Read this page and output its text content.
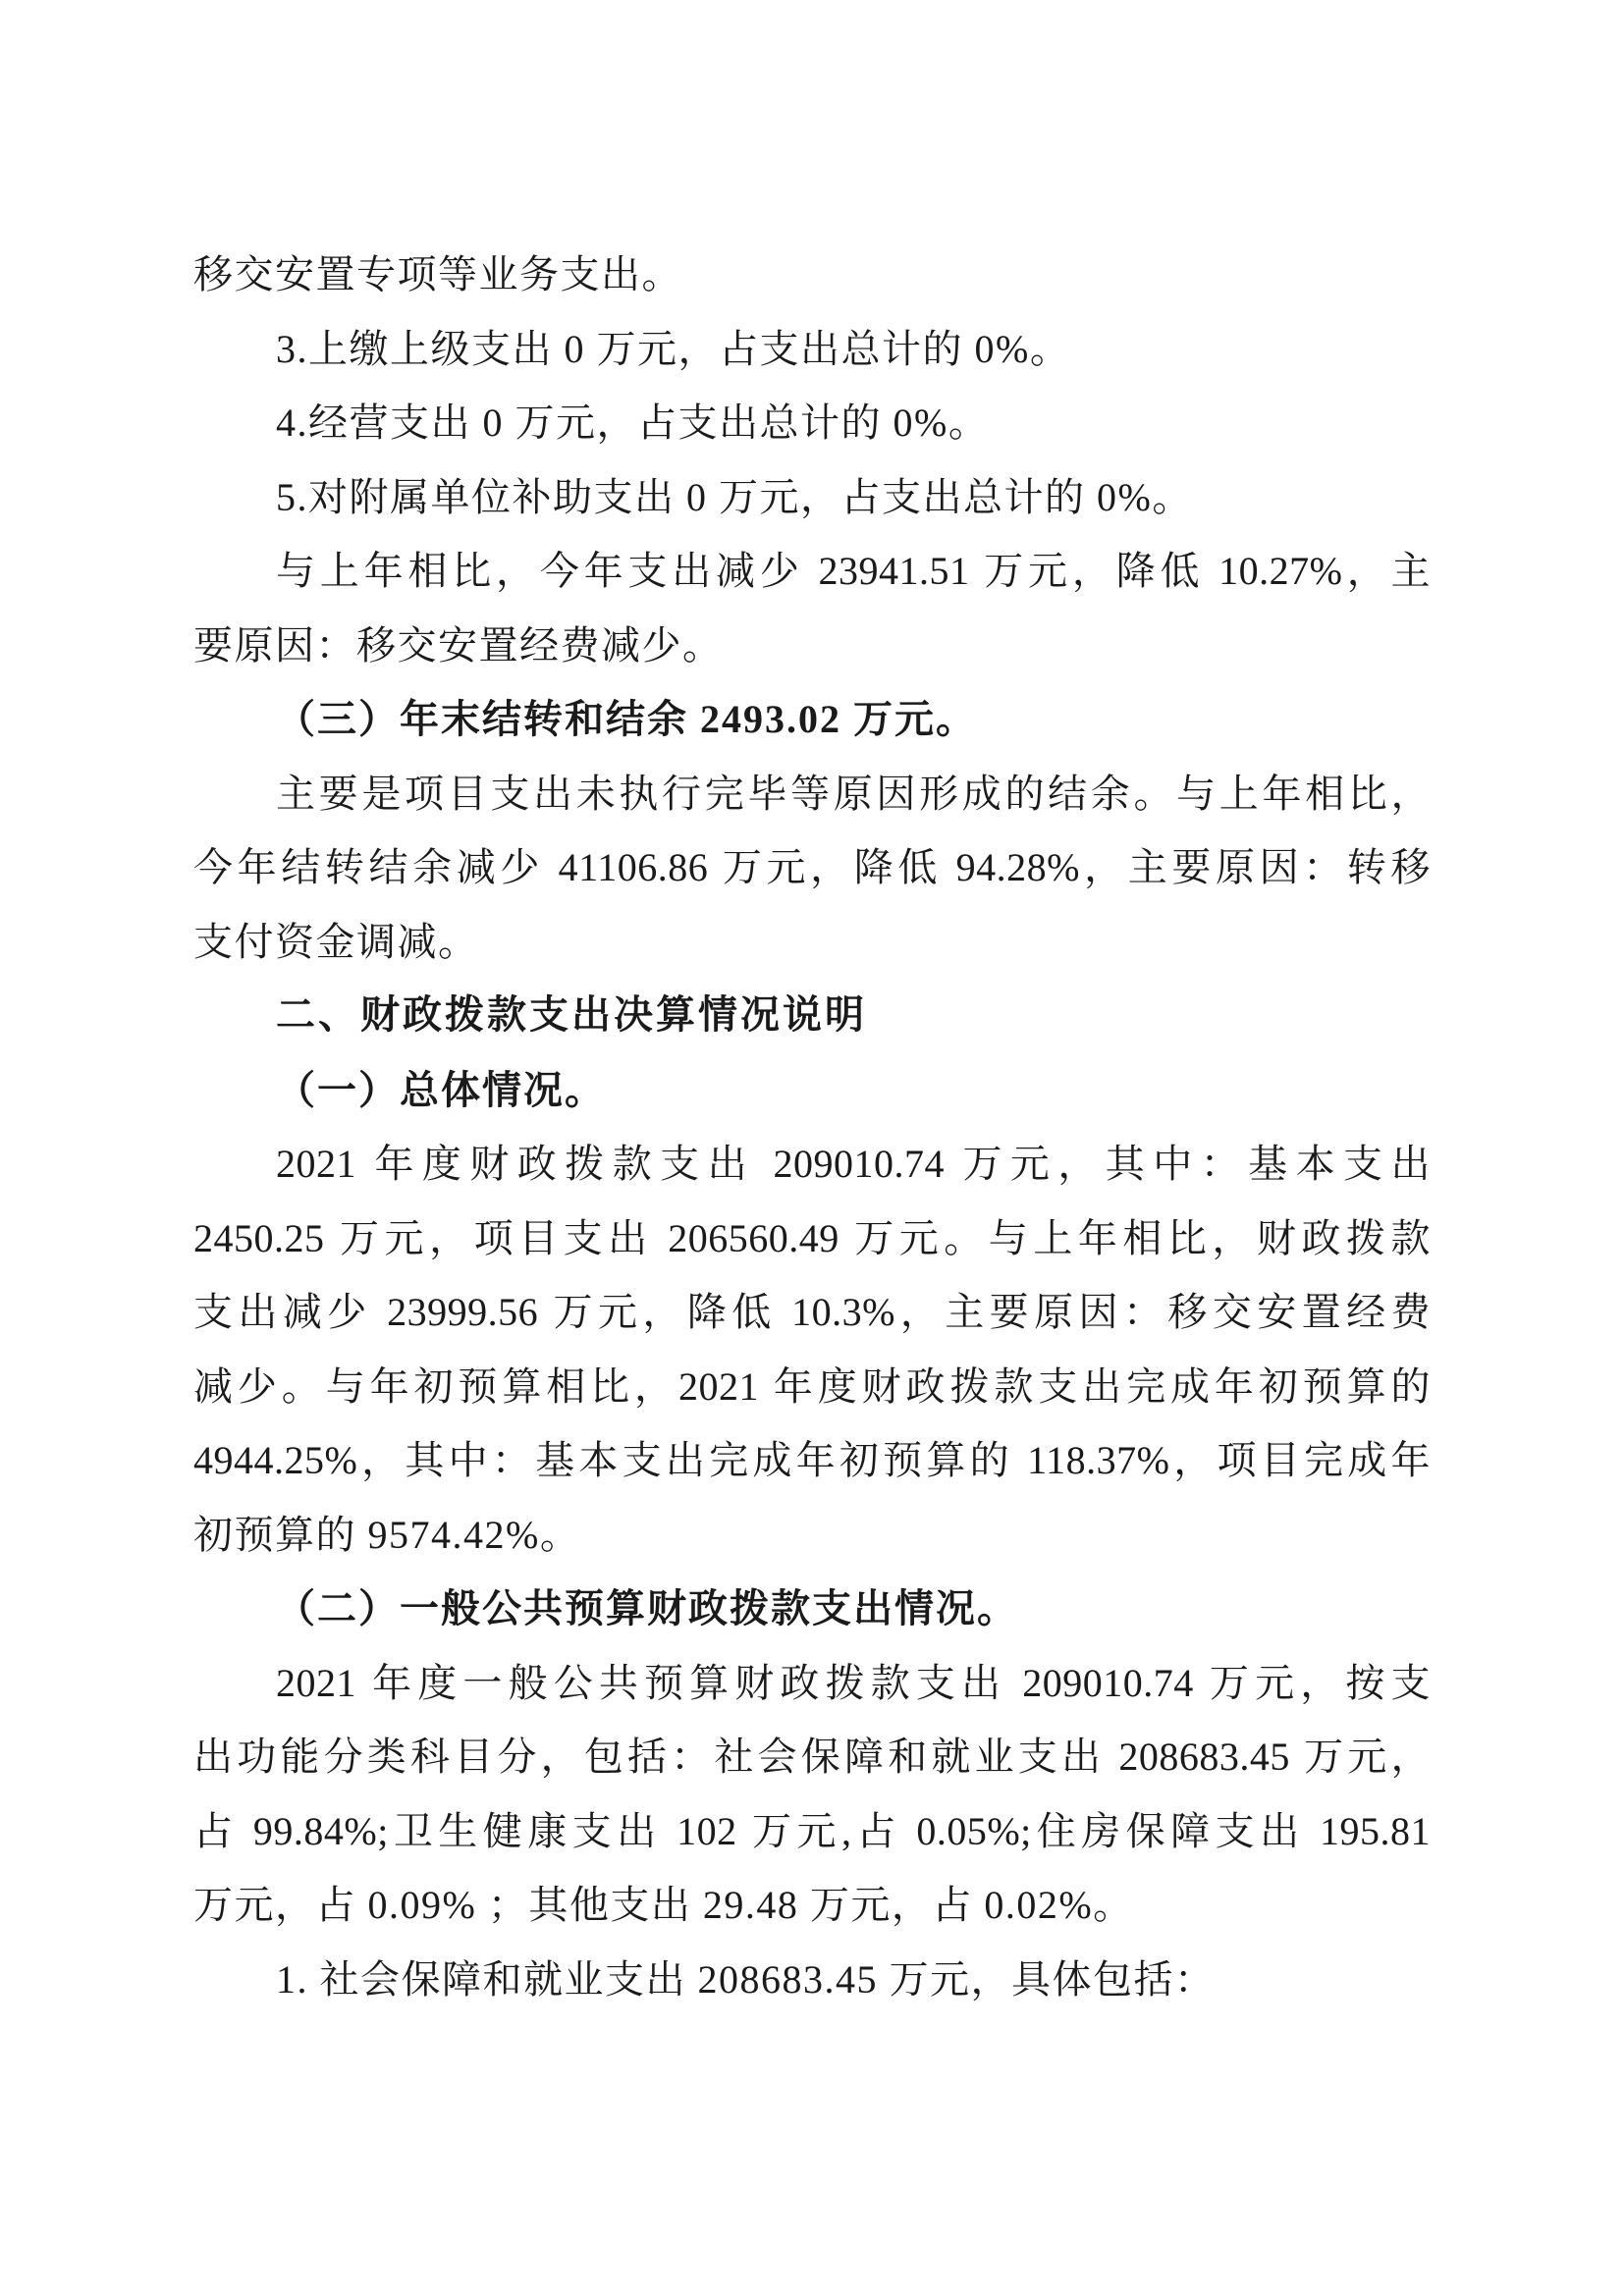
移交安置专项等业务支出。
3.上缴上级支出 0 万元，占支出总计的 0%。
4.经营支出 0 万元，占支出总计的 0%。
5.对附属单位补助支出 0 万元，占支出总计的 0%。
与上年相比，今年支出减少 23941.51 万元，降低 10.27%，主
要原因：移交安置经费减少。
（三）年末结转和结余 2493.02 万元。
主要是项目支出未执行完毕等原因形成的结余。与上年相比，
今年结转结余减少 41106.86 万元，降低 94.28%，主要原因：转移
支付资金调减。
二、财政拨款支出决算情况说明
（一）总体情况。
2021 年度财政拨款支出 209010.74 万元，其中：基本支出
2450.25 万元，项目支出 206560.49 万元。与上年相比，财政拨款
支出减少 23999.56 万元，降低 10.3%，主要原因：移交安置经费
减少。与年初预算相比，2021 年度财政拨款支出完成年初预算的
4944.25%，其中：基本支出完成年初预算的 118.37%，项目完成年
初预算的 9574.42%。
（二）一般公共预算财政拨款支出情况。
2021 年度一般公共预算财政拨款支出 209010.74 万元，按支
出功能分类科目分，包括：社会保障和就业支出 208683.45 万元，
占 99.84%;卫生健康支出 102 万元,占 0.05%;住房保障支出 195.81
万元，占 0.09% ；其他支出 29.48 万元，占 0.02%。
1. 社会保障和就业支出 208683.45 万元，具体包括：
